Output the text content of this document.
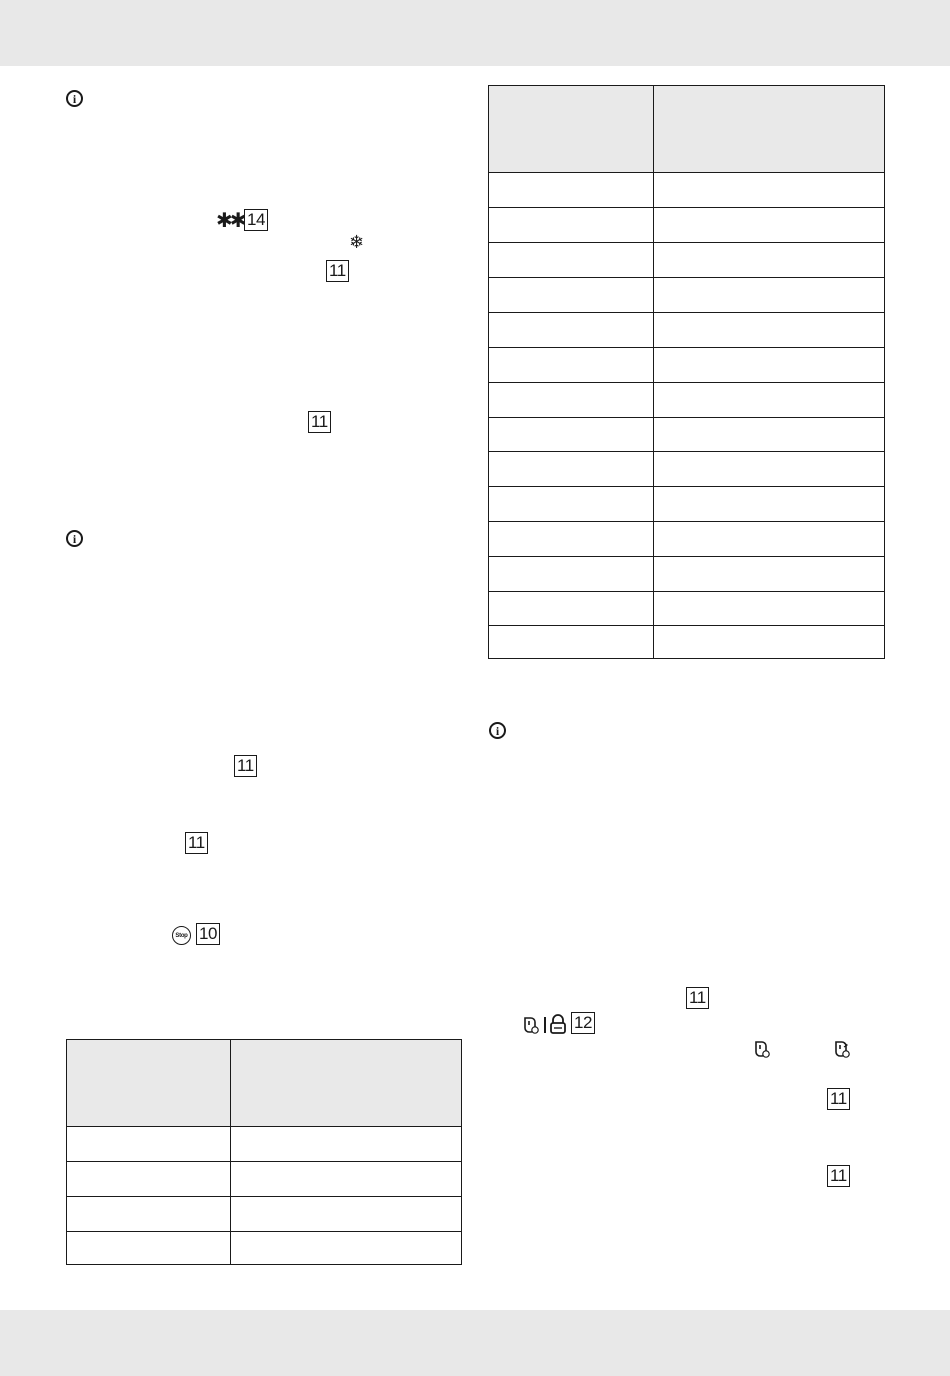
i
✱✱ 14
❄
11
11
i
11
11
Stop 10
i
11
12
11
11
